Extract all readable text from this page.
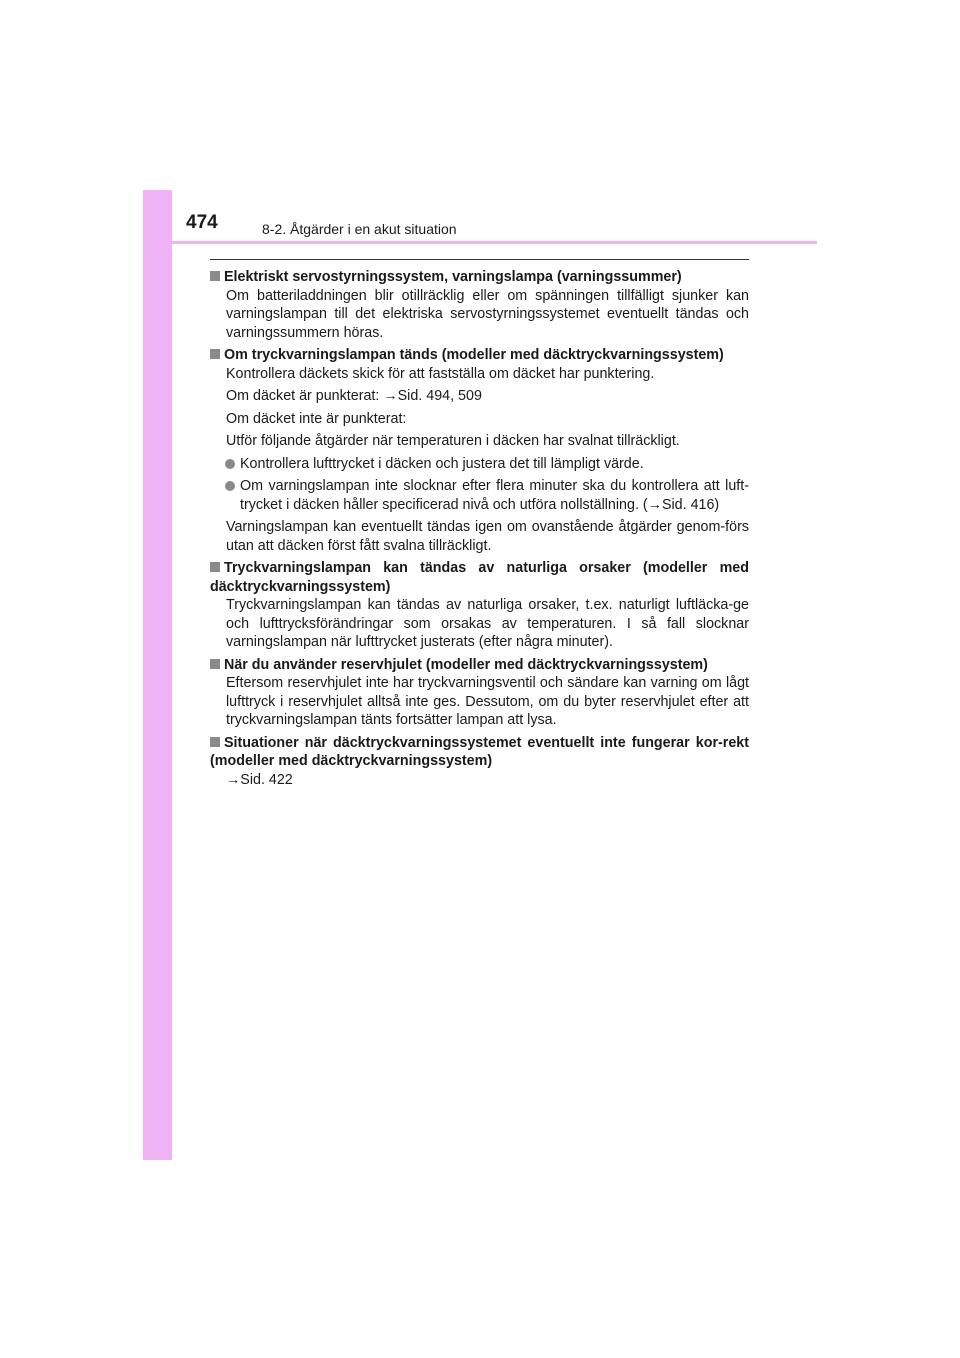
474	8-2. Åtgärder i en akut situation
Elektriskt servostyrningssystem, varningslampa (varningssummer)
Om batteriladdningen blir otillräcklig eller om spänningen tillfälligt sjunker kan varningslampan till det elektriska servostyrningssystemet eventuellt tändas och varningssummern höras.
Om tryckvarningslampan tänds (modeller med däcktryckvarningssystem)
Kontrollera däckets skick för att fastställa om däcket har punktering.
Om däcket är punkterat: →Sid. 494, 509
Om däcket inte är punkterat:
Utför följande åtgärder när temperaturen i däcken har svalnat tillräckligt.
Kontrollera lufttrycket i däcken och justera det till lämpligt värde.
Om varningslampan inte slocknar efter flera minuter ska du kontrollera att luft-trycket i däcken håller specificerad nivå och utföra nollställning. (→Sid. 416)
Varningslampan kan eventuellt tändas igen om ovanstående åtgärder genom-förs utan att däcken först fått svalna tillräckligt.
Tryckvarningslampan kan tändas av naturliga orsaker (modeller med däcktryckvarningssystem)
Tryckvarningslampan kan tändas av naturliga orsaker, t.ex. naturligt luftläcka-ge och lufttrycksförändringar som orsakas av temperaturen. I så fall slocknar varningslampan när lufttrycket justerats (efter några minuter).
När du använder reservhjulet (modeller med däcktryckvarningssystem)
Eftersom reservhjulet inte har tryckvarningsventil och sändare kan varning om lågt lufttryck i reservhjulet alltså inte ges. Dessutom, om du byter reservhjulet efter att tryckvarningslampan tänts fortsätter lampan att lysa.
Situationer när däcktryckvarningssystemet eventuellt inte fungerar kor-rekt (modeller med däcktryckvarningssystem)
→Sid. 422
